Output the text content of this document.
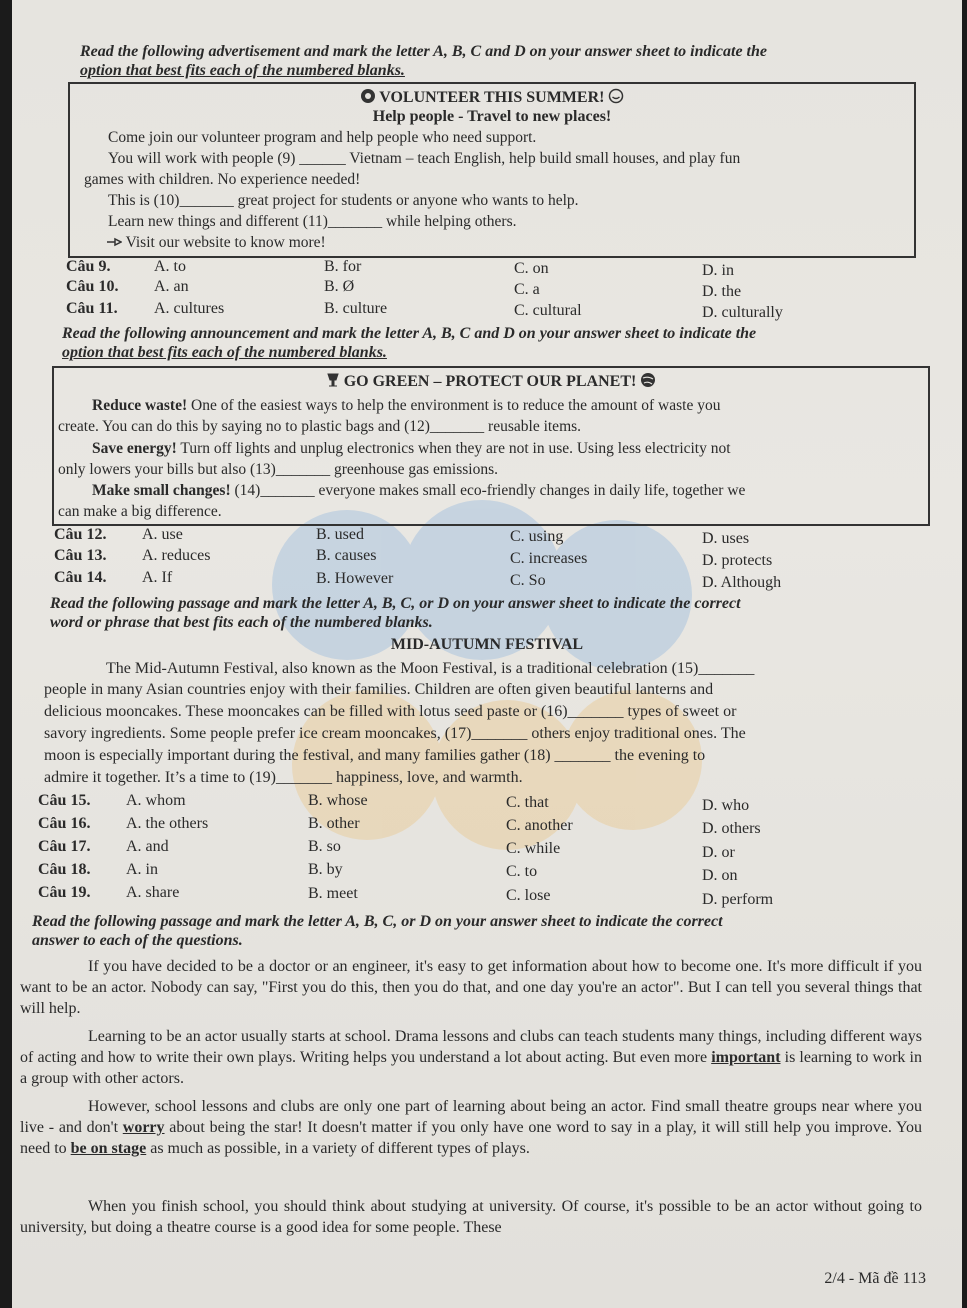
Read the following advertisement and mark the letter A, B, C and D on your answer sheet to indicate the
option that best fits each of the numbered blanks.
VOLUNTEER THIS SUMMER!
Help people - Travel to new places!
Come join our volunteer program and help people who need support.
You will work with people (9) ______ Vietnam – teach English, help build small houses, and play fun
games with children. No experience needed!
This is (10)_______ great project for students or anyone who wants to help.
Learn new things and different (11)_______ while helping others.
Visit our website to know more!
Câu 9.	A. to	B. for	C. on	D. in
Câu 10. A. an	B. Ø	C. a	D. the
Câu 11. A. cultures	B. culture	C. cultural	D. culturally
Read the following announcement and mark the letter A, B, C and D on your answer sheet to indicate the
option that best fits each of the numbered blanks.
GO GREEN – PROTECT OUR PLANET!
Reduce waste! One of the easiest ways to help the environment is to reduce the amount of waste you
create. You can do this by saying no to plastic bags and (12)_______ reusable items.
Save energy! Turn off lights and unplug electronics when they are not in use. Using less electricity not
only lowers your bills but also (13)_______ greenhouse gas emissions.
Make small changes! (14)_______ everyone makes small eco-friendly changes in daily life, together we
can make a big difference.
Câu 12. A. use	B. used	C. using	D. uses
Câu 13. A. reduces	B. causes	C. increases	D. protects
Câu 14. A. If	B. However	C. So	D. Although
Read the following passage and mark the letter A, B, C, or D on your answer sheet to indicate the correct
word or phrase that best fits each of the numbered blanks.
MID-AUTUMN FESTIVAL
The Mid-Autumn Festival, also known as the Moon Festival, is a traditional celebration (15)_______
people in many Asian countries enjoy with their families. Children are often given beautiful lanterns and
delicious mooncakes. These mooncakes can be filled with lotus seed paste or (16)_______ types of sweet or
savory ingredients. Some people prefer ice cream mooncakes, (17)_______ others enjoy traditional ones. The
moon is especially important during the festival, and many families gather (18) _______ the evening to
admire it together. It’s a time to (19)_______ happiness, love, and warmth.
Câu 15. A. whom	B. whose	C. that	D. who
Câu 16. A. the others	B. other	C. another	D. others
Câu 17. A. and	B. so	C. while	D. or
Câu 18. A. in	B. by	C. to	D. on
Câu 19. A. share	B. meet	C. lose	D. perform
Read the following passage and mark the letter A, B, C, or D on your answer sheet to indicate the correct
answer to each of the questions.
If you have decided to be a doctor or an engineer, it's easy to get information about how to become one. It's more difficult if you want to be an actor. Nobody can say, "First you do this, then you do that, and one day you're an actor". But I can tell you several things that will help.
Learning to be an actor usually starts at school. Drama lessons and clubs can teach students many things, including different ways of acting and how to write their own plays. Writing helps you understand a lot about acting. But even more important is learning to work in a group with other actors.
However, school lessons and clubs are only one part of learning about being an actor. Find small theatre groups near where you live - and don't worry about being the star! It doesn't matter if you only have one word to say in a play, it will still help you improve. You need to be on stage as much as possible, in a variety of different types of plays.
When you finish school, you should think about studying at university. Of course, it's possible to be an actor without going to university, but doing a theatre course is a good idea for some people. These
2/4 - Mã đề 113
